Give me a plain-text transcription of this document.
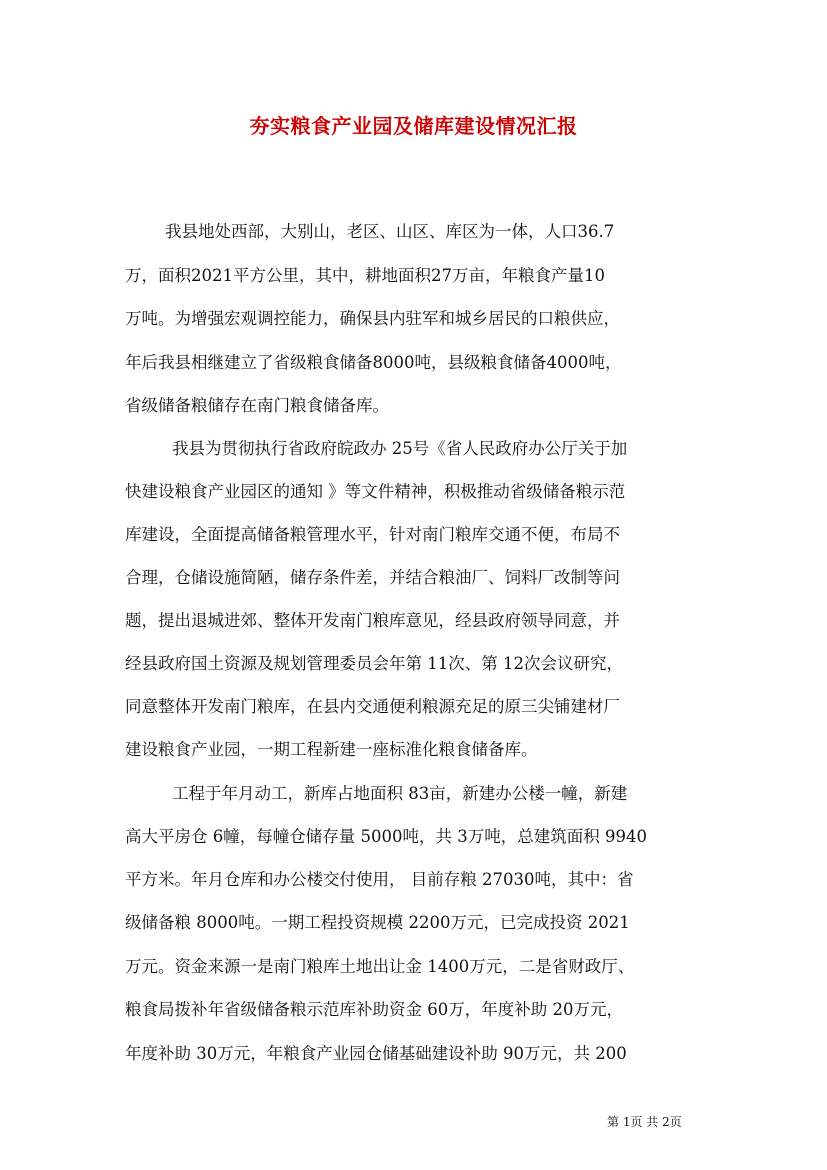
夯实粮食产业园及储库建设情况汇报
我县地处西部，大别山，老区、山区、库区为一体，人口36.7
万，面积2021平方公里，其中，耕地面积27万亩，年粮食产量10
万吨。为增强宏观调控能力，确保县内驻军和城乡居民的口粮供应，
年后我县相继建立了省级粮食储备8000吨，县级粮食储备4000吨，
省级储备粮储存在南门粮食储备库。
我县为贯彻执行省政府皖政办 25号《省人民政府办公厅关于加
快建设粮食产业园区的通知 》等文件精神，积极推动省级储备粮示范
库建设，全面提高储备粮管理水平，针对南门粮库交通不便，布局不
合理，仓储设施简陋，储存条件差，并结合粮油厂、饲料厂改制等问
题，提出退城进郊、整体开发南门粮库意见，经县政府领导同意，并
经县政府国土资源及规划管理委员会年第 11次、第 12次会议研究，
同意整体开发南门粮库，在县内交通便利粮源充足的原三尖铺建材厂
建设粮食产业园，一期工程新建一座标准化粮食储备库。
工程于年月动工，新库占地面积 83亩，新建办公楼一幢，新建
高大平房仓 6幢，每幢仓储存量 5000吨，共 3万吨，总建筑面积 9940
平方米。年月仓库和办公楼交付使用， 目前存粮 27030吨，其中：省
级储备粮 8000吨。一期工程投资规模 2200万元，已完成投资 2021
万元。资金来源一是南门粮库土地出让金 1400万元，二是省财政厅、
粮食局拨补年省级储备粮示范库补助资金 60万，年度补助 20万元，
年度补助 30万元，年粮食产业园仓储基础建设补助 90万元，共 200
第 1页 共 2页
